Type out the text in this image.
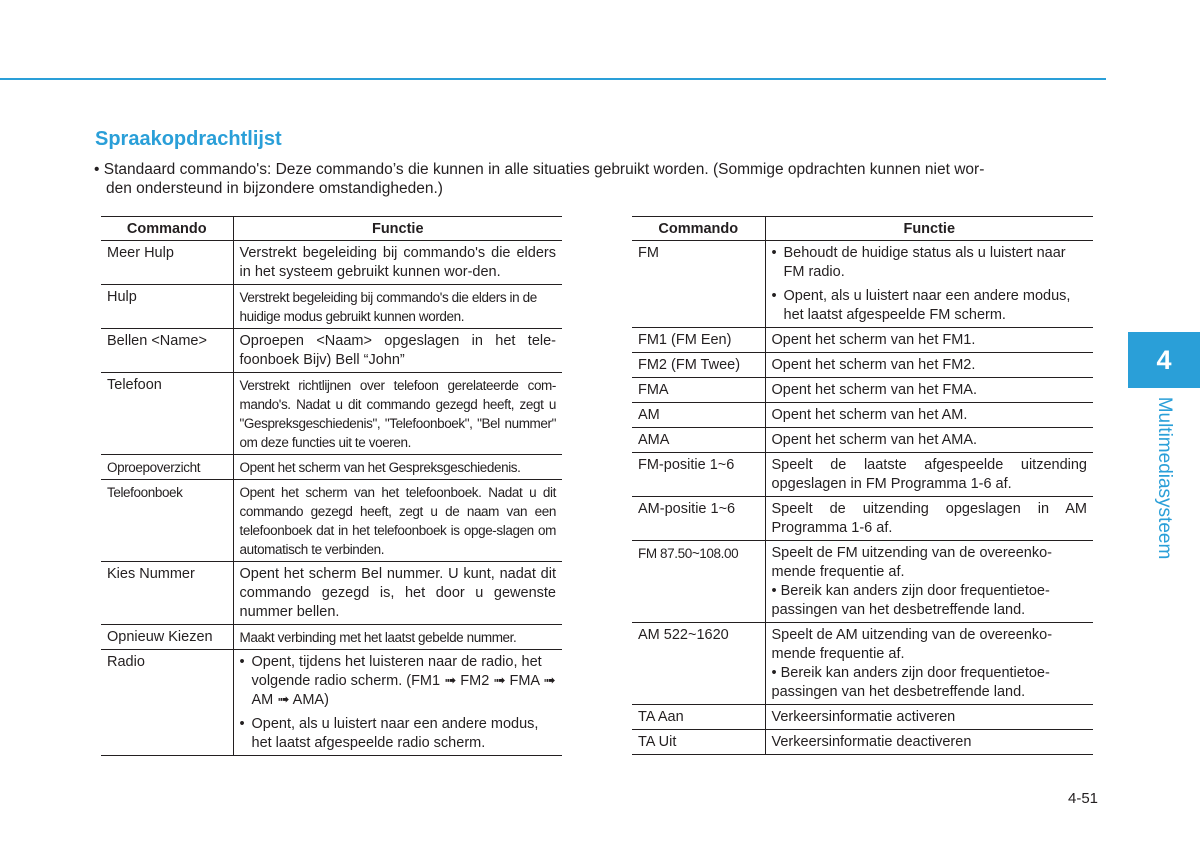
Spraakopdrachtlijst
• Standaard commando's: Deze commando’s die kunnen in alle situaties gebruikt worden. (Sommige opdrachten kunnen niet wor-
den ondersteund in bijzondere omstandigheden.)
Commando	Functie
Meer Hulp	Verstrekt begeleiding bij commando's die elders in het systeem gebruikt kunnen wor-den.
Hulp	Verstrekt begeleiding bij commando's die elders in de huidige modus gebruikt kunnen worden.
Bellen <Name>	Oproepen <Naam> opgeslagen in het tele-foonboek Bijv) Bell “John”
Telefoon	Verstrekt richtlijnen over telefoon gerelateerde com-mando's. Nadat u dit commando gezegd heeft, zegt u "Gespreksgeschiedenis", "Telefoonboek", "Bel nummer" om deze functies uit te voeren.
Oproepoverzicht	Opent het scherm van het Gespreksgeschiedenis.
Telefoonboek	Opent het scherm van het telefoonboek. Nadat u dit commando gezegd heeft, zegt u de naam van een telefoonboek dat in het telefoonboek is opge-slagen om automatisch te verbinden.
Kies Nummer	Opent het scherm Bel nummer. U kunt, nadat dit commando gezegd is, het door u gewenste nummer bellen.
Opnieuw Kiezen	Maakt verbinding met het laatst gebelde nummer.
Radio	• Opent, tijdens het luisteren naar de radio, het volgende radio scherm. (FM1 ➟ FM2 ➟ FMA ➟ AM ➟ AMA)
• Opent, als u luistert naar een andere modus, het laatst afgespeelde radio scherm.
Commando	Functie
FM	• Behoudt de huidige status als u luistert naar FM radio.
• Opent, als u luistert naar een andere modus, het laatst afgespeelde FM scherm.

FM1 (FM Een)	Opent het scherm van het FM1.
FM2 (FM Twee)	Opent het scherm van het FM2.
FMA	Opent het scherm van het FMA.
AM	Opent het scherm van het AM.
AMA	Opent het scherm van het AMA.
FM-positie 1~6	Speelt de laatste afgespeelde uitzending opgeslagen in FM Programma 1-6 af.
AM-positie 1~6	Speelt de uitzending opgeslagen in AM Programma 1-6 af.
FM 87.50~108.00	Speelt de FM uitzending van de overeenko-mende frequentie af.
• Bereik kan anders zijn door frequentietoe-passingen van het desbetreffende land.

AM 522~1620	Speelt de AM uitzending van de overeenko-mende frequentie af.
• Bereik kan anders zijn door frequentietoe-passingen van het desbetreffende land.

TA Aan	Verkeersinformatie activeren
TA Uit	Verkeersinformatie deactiveren
4
Multimediasysteem
4-51
